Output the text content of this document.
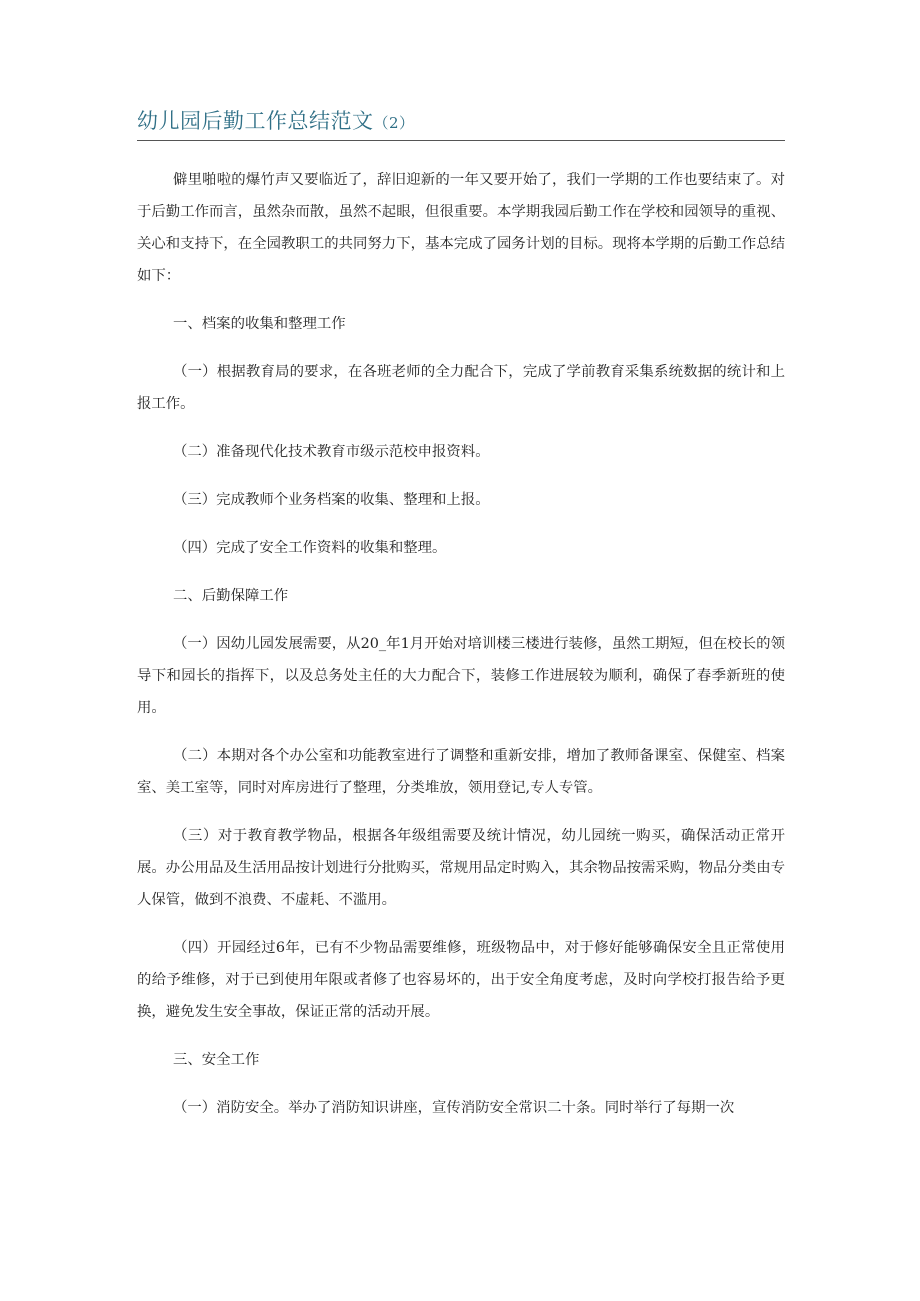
幼儿园后勤工作总结范文（2）

僻里啪啦的爆竹声又要临近了，辞旧迎新的一年又要开始了，我们一学期的工作也要结束了。对于后勤工作而言，虽然杂而散，虽然不起眼，但很重要。本学期我园后勤工作在学校和园领导的重视、关心和支持下，在全园教职工的共同努力下，基本完成了园务计划的目标。现将本学期的后勤工作总结如下：

一、档案的收集和整理工作

（一）根据教育局的要求，在各班老师的全力配合下，完成了学前教育采集系统数据的统计和上报工作。

（二）准备现代化技术教育市级示范校申报资料。

（三）完成教师个业务档案的收集、整理和上报。

（四）完成了安全工作资料的收集和整理。

二、后勤保障工作

（一）因幼儿园发展需要，从20_年1月开始对培训楼三楼进行装修，虽然工期短，但在校长的领导下和园长的指挥下，以及总务处主任的大力配合下，装修工作进展较为顺利，确保了春季新班的使用。

（二）本期对各个办公室和功能教室进行了调整和重新安排，增加了教师备课室、保健室、档案室、美工室等，同时对库房进行了整理，分类堆放，领用登记,专人专管。

（三）对于教育教学物品，根据各年级组需要及统计情况，幼儿园统一购买，确保活动正常开展。办公用品及生活用品按计划进行分批购买，常规用品定时购入，其余物品按需采购，物品分类由专人保管，做到不浪费、不虚耗、不滥用。

（四）开园经过6年，已有不少物品需要维修，班级物品中，对于修好能够确保安全且正常使用的给予维修，对于已到使用年限或者修了也容易坏的，出于安全角度考虑，及时向学校打报告给予更换，避免发生安全事故，保证正常的活动开展。

三、安全工作

（一）消防安全。举办了消防知识讲座，宣传消防安全常识二十条。同时举行了每期一次
